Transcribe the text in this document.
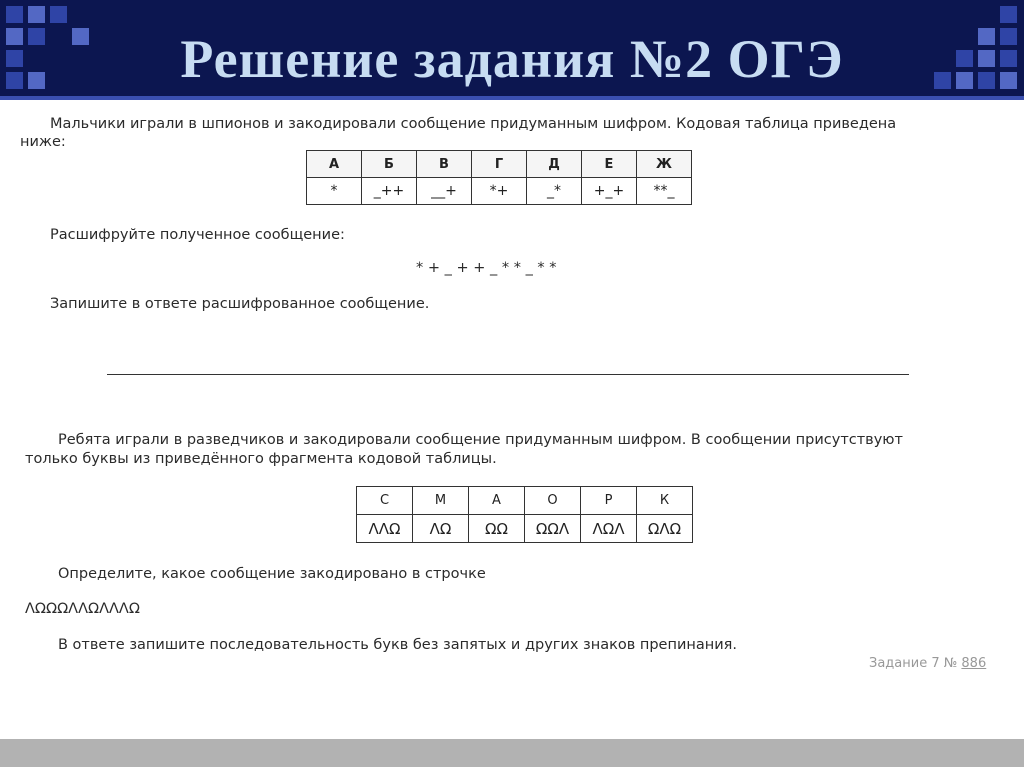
Решение задания №2 ОГЭ
Мальчики играли в шпионов и закодировали сообщение придуманным шифром. Кодовая таблица приведена
ниже:
А	Б	В	Г	Д	Е	Ж
*	_++	__+	*+	_*	+_+	**_
Расшифруйте полученное сообщение:
* + _ + + _ * * _ * *
Запишите в ответе расшифрованное сообщение.
Ребята играли в разведчиков и закодировали сообщение придуманным шифром. В сообщении присутствуют
только буквы из приведённого фрагмента кодовой таблицы.
С	М	А	О	Р	К
ΛΛΩ	ΛΩ	ΩΩ	ΩΩΛ	ΛΩΛ	ΩΛΩ
Определите, какое сообщение закодировано в строчке
ΛΩΩΩΛΛΩΛΛΛΩ
В ответе запишите последовательность букв без запятых и других знаков препинания.
Задание 7 № 886
